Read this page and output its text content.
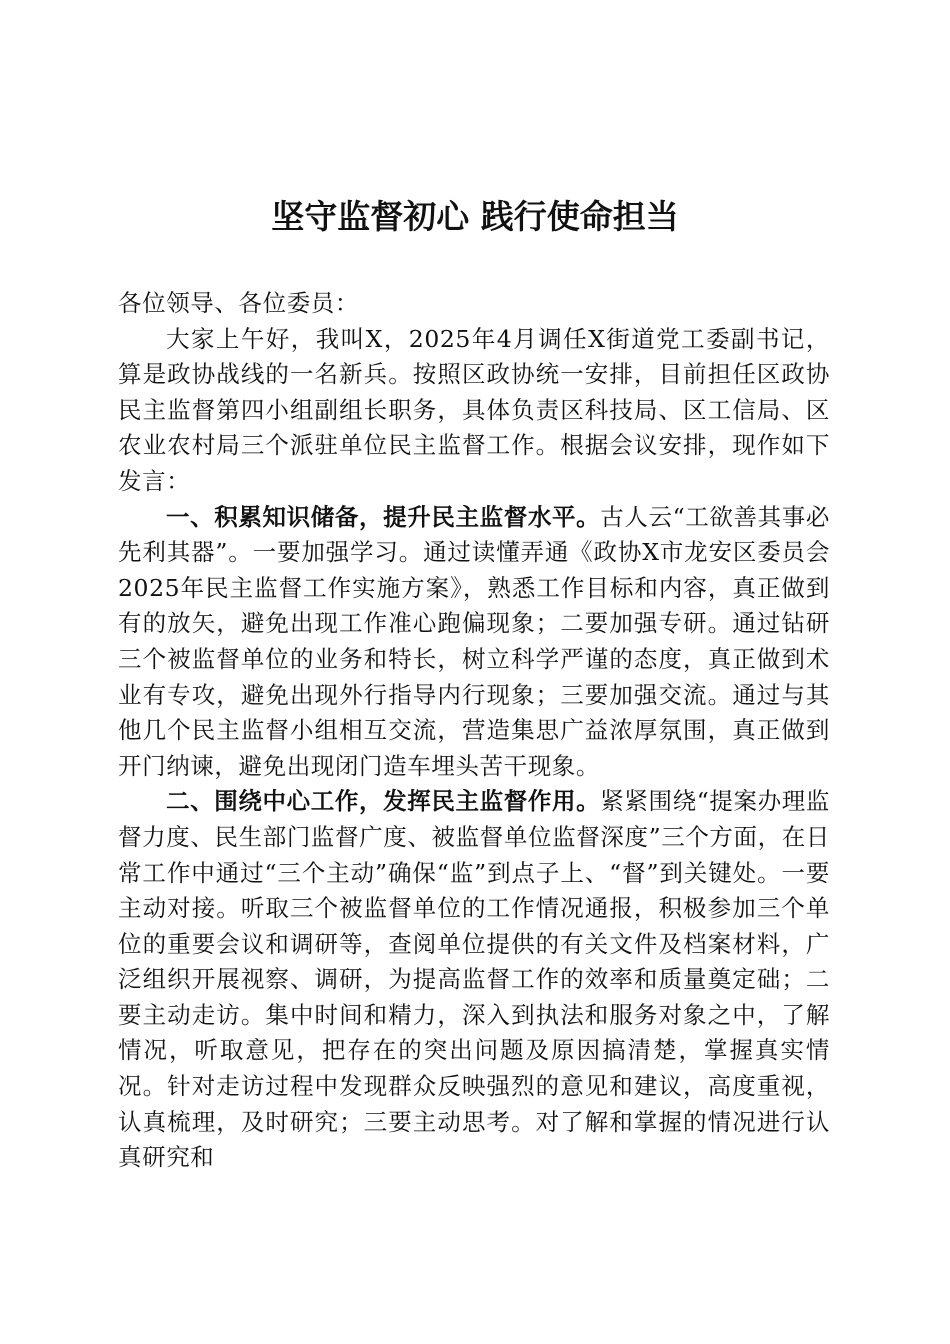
坚守监督初心 践行使命担当

各位领导、各位委员：

大家上午好，我叫X，2025年4月调任X街道党工委副书记，算是政协战线的一名新兵。按照区政协统一安排，目前担任区政协民主监督第四小组副组长职务，具体负责区科技局、区工信局、区农业农村局三个派驻单位民主监督工作。根据会议安排，现作如下发言：

一、积累知识储备，提升民主监督水平。古人云“工欲善其事必先利其器”。一要加强学习。通过读懂弄通《政协X市龙安区委员会2025年民主监督工作实施方案》，熟悉工作目标和内容，真正做到有的放矢，避免出现工作准心跑偏现象；二要加强专研。通过钻研三个被监督单位的业务和特长，树立科学严谨的态度，真正做到术业有专攻，避免出现外行指导内行现象；三要加强交流。通过与其他几个民主监督小组相互交流，营造集思广益浓厚氛围，真正做到开门纳谏，避免出现闭门造车埋头苦干现象。

二、围绕中心工作，发挥民主监督作用。紧紧围绕“提案办理监督力度、民生部门监督广度、被监督单位监督深度”三个方面，在日常工作中通过“三个主动”确保“监”到点子上、“督”到关键处。一要主动对接。听取三个被监督单位的工作情况通报，积极参加三个单位的重要会议和调研等，查阅单位提供的有关文件及档案材料，广泛组织开展视察、调研，为提高监督工作的效率和质量奠定础；二要主动走访。集中时间和精力，深入到执法和服务对象之中，了解情况，听取意见，把存在的突出问题及原因搞清楚，掌握真实情况。针对走访过程中发现群众反映强烈的意见和建议，高度重视，认真梳理，及时研究；三要主动思考。对了解和掌握的情况进行认真研究和
